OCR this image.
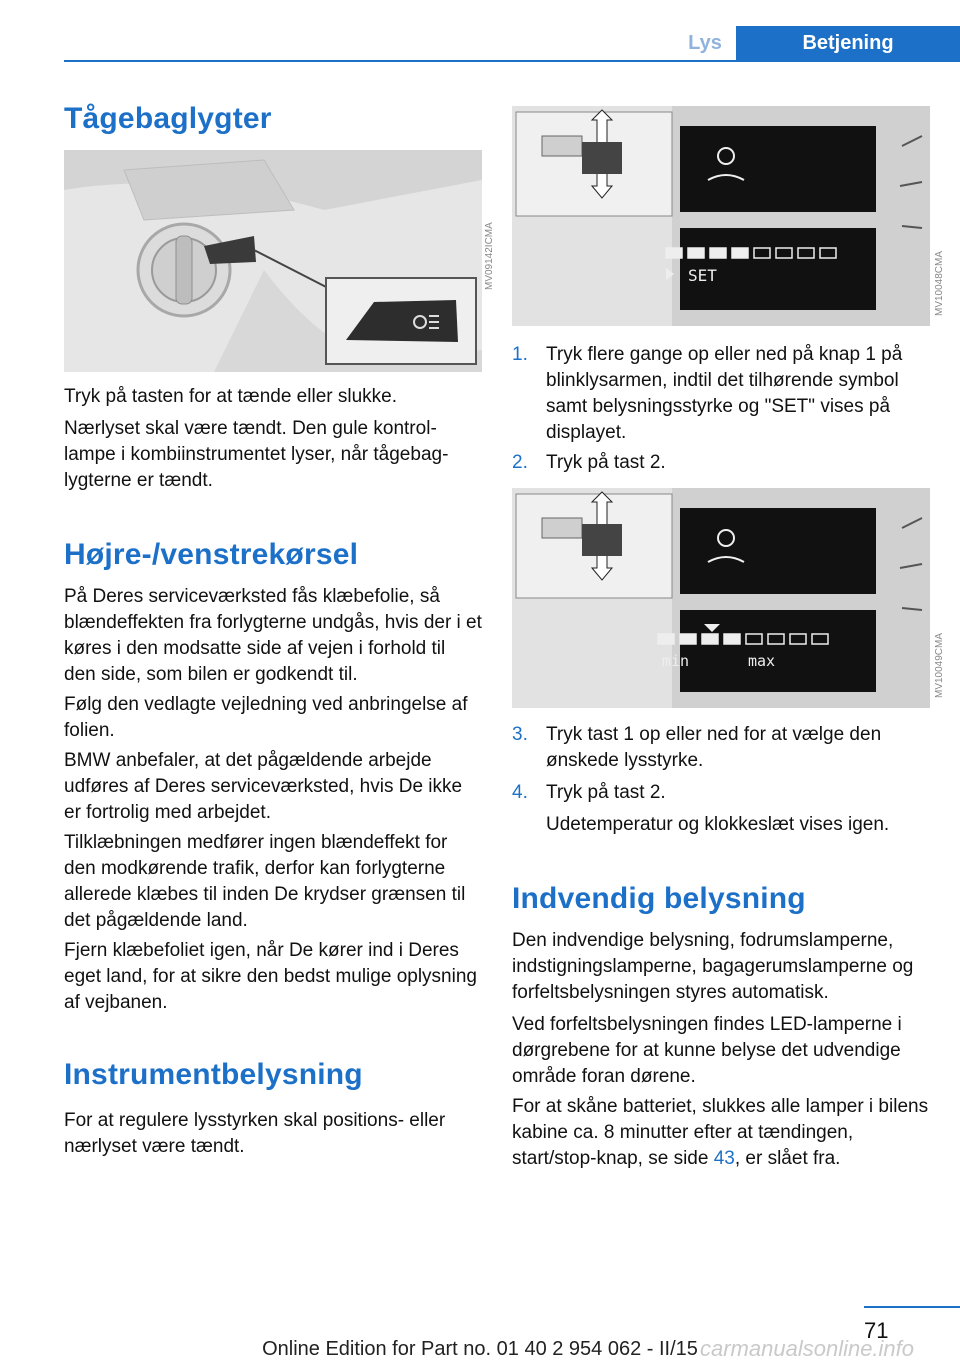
Lys	Betjening
Tågebaglygter
MV09142ICMA

Tryk på tasten for at tænde eller slukke.

Nærlyset skal være tændt. Den gule kontrollampe i kombiinstrumentet lyser, når tågebaglygterne er tændt.

Højre-/venstrekørsel

På Deres serviceværksted fås klæbefolie, så blændeffekten fra forlygterne undgås, hvis der i et køres i den modsatte side af vejen i forhold til den side, som bilen er godkendt til.

Følg den vedlagte vejledning ved anbringelse af folien.

BMW anbefaler, at det pågældende arbejde udføres af Deres serviceværksted, hvis De ikke er fortrolig med arbejdet.

Tilklæbningen medfører ingen blændeffekt for den modkørende trafik, derfor kan forlygterne allerede klæbes til inden De krydser grænsen til det pågældende land.

Fjern klæbefoliet igen, når De kører ind i Deres eget land, for at sikre den bedst mulige oplysning af vejbanen.

Instrumentbelysning

For at regulere lysstyrken skal positions- eller nærlyset være tændt.

SET	MV10048CMA
1. Tryk flere gange op eller ned på knap 1 på blinklysarmen, indtil det tilhørende symbol samt belysningsstyrke og "SET" vises på displayet.
2. Tryk på tast 2.
min	max	MV10049CMA
3. Tryk tast 1 op eller ned for at vælge den ønskede lysstyrke.
4. Tryk på tast 2.
Udetemperatur og klokkeslæt vises igen.
Indvendig belysning

Den indvendige belysning, fodrumslamperne, indstigningslamperne, bagagerumslamperne og forfeltsbelysningen styres automatisk.

Ved forfeltsbelysningen findes LED-lamperne i dørgrebene for at kunne belyse det udvendige område foran dørene.

For at skåne batteriet, slukkes alle lamper i bilens kabine ca. 8 minutter efter at tændingen, start/stop-knap, se side 43, er slået fra.

71
carmanualsonline.info
Online Edition for Part no. 01 40 2 954 062 - II/15
